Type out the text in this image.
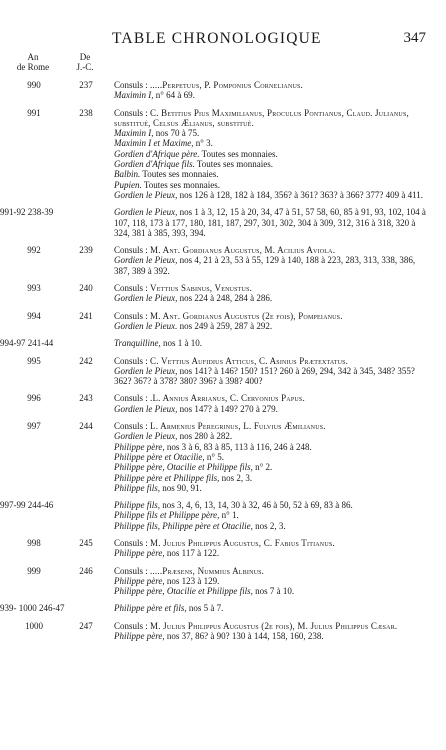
TABLE CHRONOLOGIQUE	347
An
de Rome
De
J.-C.
990	237	Consuls : .....Perpetuus, P. Pomponius Cornelianus.
Maximin I, n° 64 à 69.
991	238	Consuls : C. Betitius Pius Maximilianus, Proculus Pontianus, Claud. Julianus, substitué, Celsus Ælianus, substitué.
Maximin I, nos 70 à 75.
Maximin I et Maxime, n° 3.
Gordien d'Afrique père. Toutes ses monnaies.
Gordien d'Afrique fils. Toutes ses monnaies.
Balbin. Toutes ses monnaies.
Pupien. Toutes ses monnaies.
Gordien le Pieux, nos 126 à 128, 182 à 184, 356? à 361? 363? à 366? 377? 409 à 411.
991-92 238-39	Gordien le Pieux, nos 1 à 3, 12, 15 à 20, 34, 47 à 51, 57 58, 60, 85 à 91, 93, 102, 104 à 107, 118, 173 à 177, 180, 181, 187, 297, 301, 302, 304 à 309, 312, 316 à 318, 320 à 324, 381 à 385, 393, 394.
992	239	Consuls : M. Ant. Gordianus Augustus, M. Acilius Aviola.
Gordien le Pieux, nos 4, 21 à 23, 53 à 55, 129 à 140, 188 à 223, 283, 313, 338, 386, 387, 389 à 392.
993	240	Consuls : Vettius Sabinus, Venustus.
Gordien le Pieux, nos 224 à 248, 284 à 286.
994	241	Consuls : M. Ant. Gordianus Augustus (2e fois), Pompeianus.
Gordien le Pieux. nos 249 à 259, 287 à 292.
994-97 241-44	Tranquilline, nos 1 à 10.
995	242	Consuls : C. Vettius Aufidius Atticus, C. Asinius Prætextatus.
Gordien le Pieux, nos 141? à 146? 150? 151? 260 à 269, 294, 342 à 345, 348? 355? 362? 367? à 378? 380? 396? à 398? 400?
996	243	Consuls : .L. Annius Arrianus, C. Cervonius Papus.
Gordien le Pieux, nos 147? à 149? 270 à 279.
997	244	Consuls : L. Armenius Peregrinus, L. Fulvius Æmilianus.
Gordien le Pieux, nos 280 à 282.
Philippe père, nos 3 à 6, 83 à 85, 113 à 116, 246 à 248.
Philippe père et Otacilie, n° 5.
Philippe père, Otacilie et Philippe fils, n° 2.
Philippe père et Philippe fils, nos 2, 3.
Philippe fils, nos 90, 91.
997-99 244-46	Philippe fils, nos 3, 4, 6, 13, 14, 30 à 32, 46 à 50, 52 à 69, 83 à 86.
Philippe fils et Philippe père, n° 1.
Philippe fils, Philippe père et Otacilie, nos 2, 3.
998	245	Consuls : M. Julius Philippus Augustus, C. Fabius Titianus.
Philippe père, nos 117 à 122.
999	246	Consuls : .....Præsens, Nummius Albinus.
Philippe père, nos 123 à 129.
Philippe père, Otacilie et Philippe fils, nos 7 à 10.
939- 1000 246-47	Philippe père et fils, nos 5 à 7.
1000	247	Consuls : M. Julius Philippus Augustus (2e fois), M. Julius Philippus Cæsar.
Philippe père, nos 37, 86? à 90? 130 à 144, 158, 160, 238.
